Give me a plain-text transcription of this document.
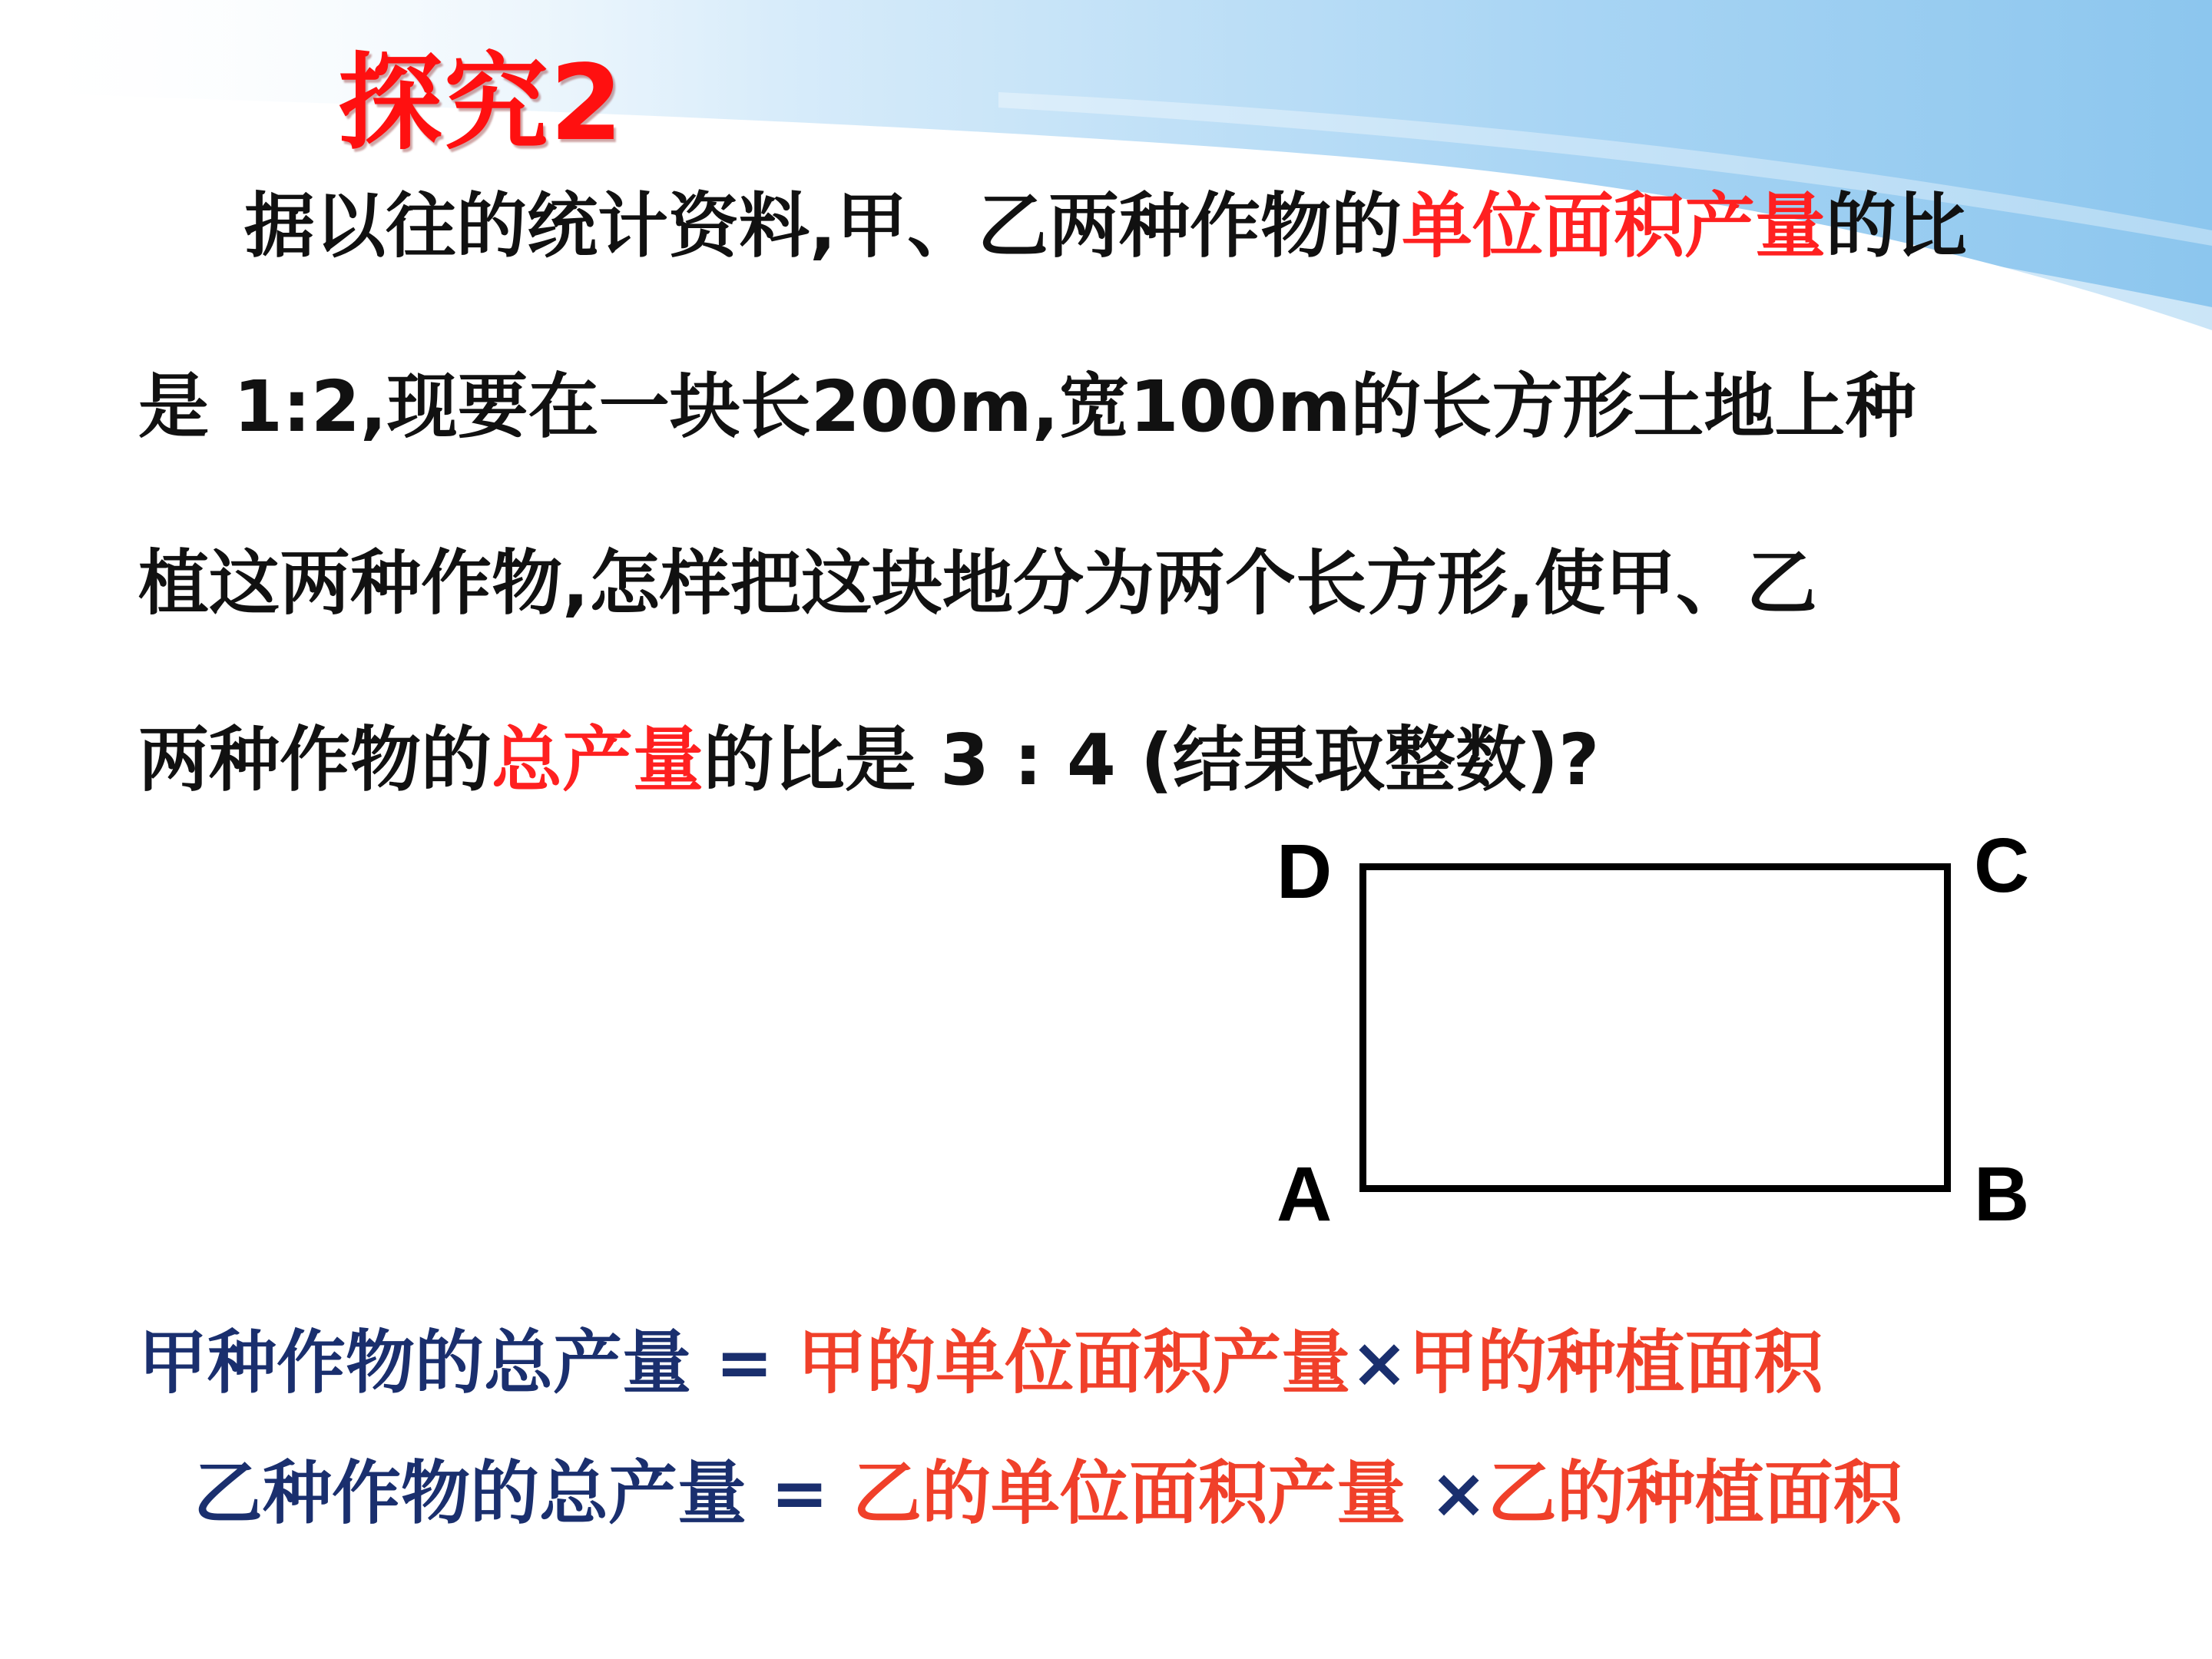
探究2
据以往的统计资料,甲、乙两种作物的单位面积产量的比
是 1:2,现要在一块长200m,宽100m的长方形土地上种
植这两种作物,怎样把这块地分为两个长方形,使甲、乙
两种作物的总产量的比是 3 : 4 (结果取整数)?
D	C
A	B
甲种作物的总产量 = 甲的单位面积产量×甲的种植面积
乙种作物的总产量 = 乙的单位面积产量 ×乙的种植面积
